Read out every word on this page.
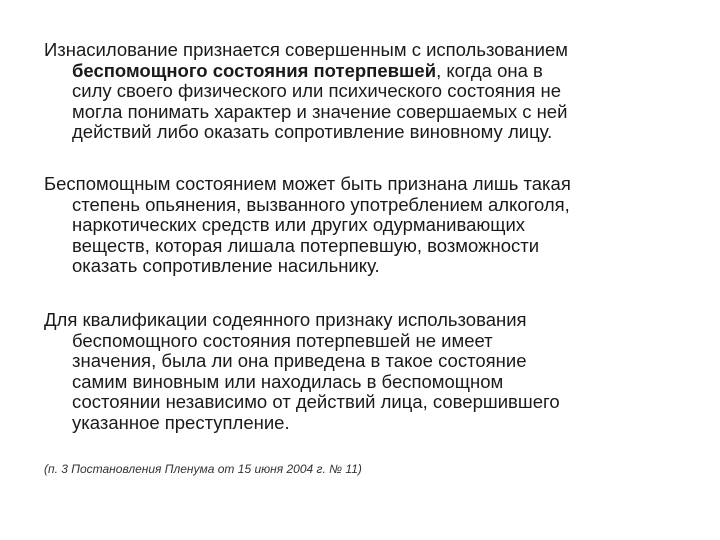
Изнасилование признается совершенным с использованием
беспомощного состояния потерпевшей, когда она в
силу своего физического или психического состояния не
могла понимать характер и значение совершаемых с ней
действий либо оказать сопротивление виновному лицу.

Беспомощным состоянием может быть признана лишь такая
степень опьянения, вызванного употреблением алкоголя,
наркотических средств или других одурманивающих
веществ, которая лишала потерпевшую, возможности
оказать сопротивление насильнику.

Для квалификации содеянного признаку использования
беспомощного состояния потерпевшей не имеет
значения, была ли она приведена в такое состояние
самим виновным или находилась в беспомощном
состоянии независимо от действий лица, совершившего
указанное преступление.

(п. 3 Постановления Пленума от 15 июня 2004 г. № 11)
